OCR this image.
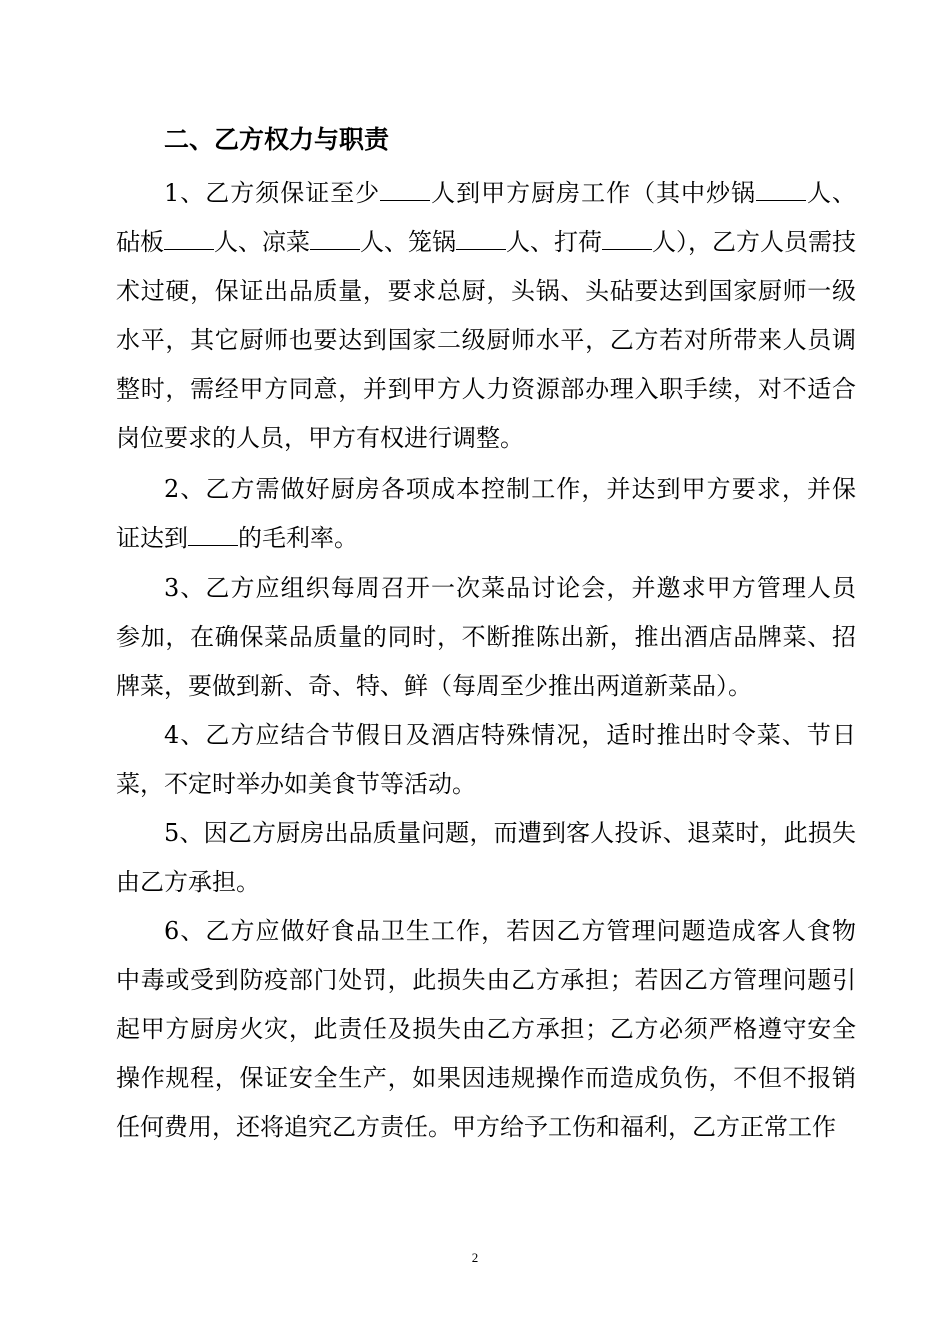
二、乙方权力与职责
1、乙方须保证至少 人到甲方厨房工作（其中炒锅 人、
砧板 人、凉菜 人、笼锅 人、打荷 人），乙方人员需技
术过硬，保证出品质量，要求总厨，头锅、头砧要达到国家厨师一级
水平，其它厨师也要达到国家二级厨师水平，乙方若对所带来人员调
整时，需经甲方同意，并到甲方人力资源部办理入职手续，对不适合
岗位要求的人员，甲方有权进行调整。
2、乙方需做好厨房各项成本控制工作，并达到甲方要求，并保
证达到 的毛利率。
3、乙方应组织每周召开一次菜品讨论会，并邀求甲方管理人员
参加，在确保菜品质量的同时，不断推陈出新，推出酒店品牌菜、招
牌菜，要做到新、奇、特、鲜（每周至少推出两道新菜品）。
4、乙方应结合节假日及酒店特殊情况，适时推出时令菜、节日
菜，不定时举办如美食节等活动。
5、因乙方厨房出品质量问题，而遭到客人投诉、退菜时，此损失
由乙方承担。
6、乙方应做好食品卫生工作，若因乙方管理问题造成客人食物
中毒或受到防疫部门处罚，此损失由乙方承担；若因乙方管理问题引
起甲方厨房火灾，此责任及损失由乙方承担；乙方必须严格遵守安全
操作规程，保证安全生产，如果因违规操作而造成负伤，不但不报销
任何费用，还将追究乙方责任。甲方给予工伤和福利，乙方正常工作
2
